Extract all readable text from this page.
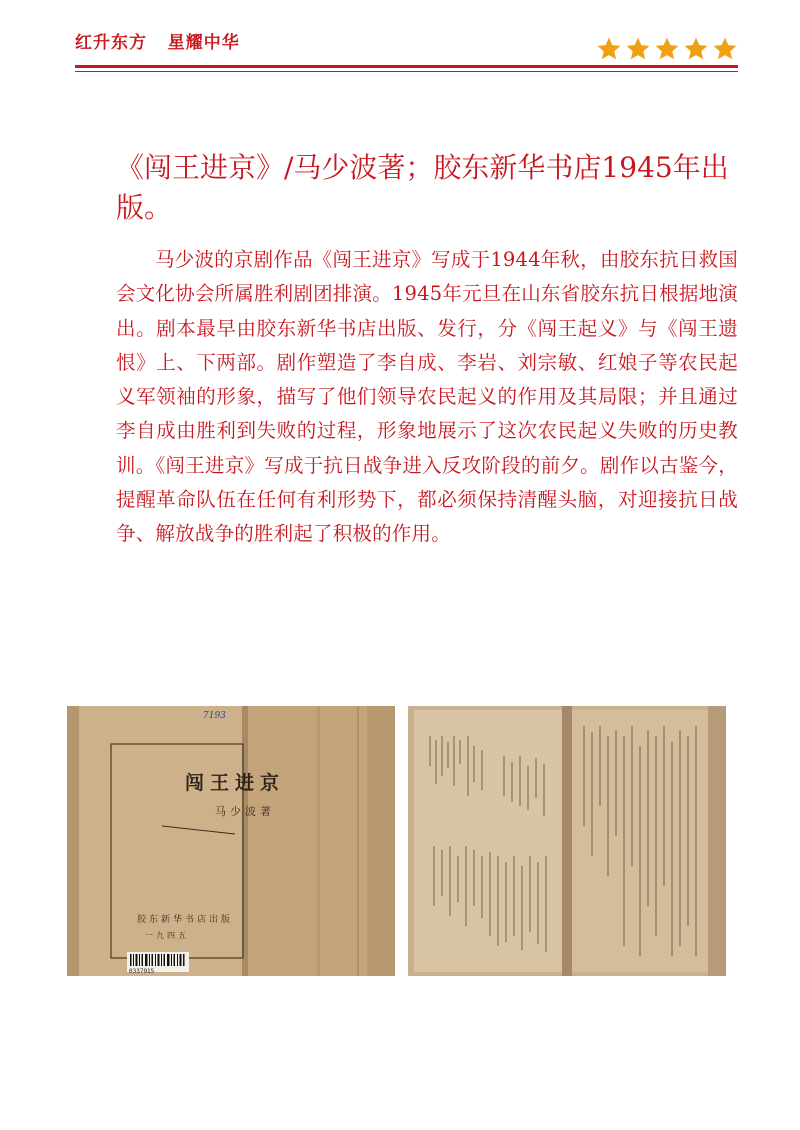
红升东方   星耀中华
《闯王进京》/马少波著；胶东新华书店1945年出版。

马少波的京剧作品《闯王进京》写成于1944年秋，由胶东抗日救国会文化协会所属胜利剧团排演。1945年元旦在山东省胶东抗日根据地演出。剧本最早由胶东新华书店出版、发行，分《闯王起义》与《闯王遗恨》上、下两部。剧作塑造了李自成、李岩、刘宗敏、红娘子等农民起义军领袖的形象，描写了他们领导农民起义的作用及其局限；并且通过李自成由胜利到失败的过程，形象地展示了这次农民起义失败的历史教训。《闯王进京》写成于抗日战争进入反攻阶段的前夕。剧作以古鉴今，提醒革命队伍在任何有利形势下，都必须保持清醒头脑，对迎接抗日战争、解放战争的胜利起了积极的作用。

7193
闯王进京
马少波著
胶东新华书店出版
一九四五
0337915
